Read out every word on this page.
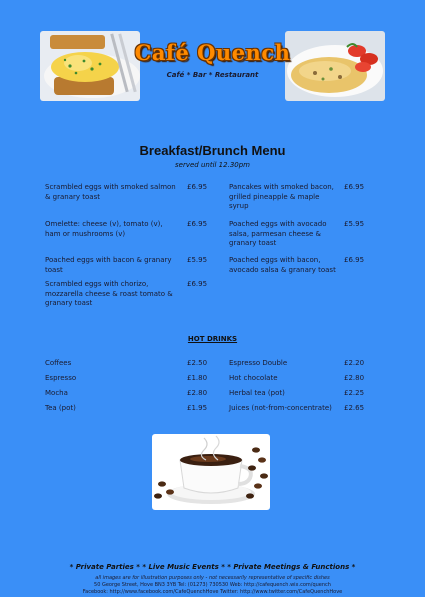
Café Quench
Café * Bar * Restaurant
Breakfast/Brunch Menu
served until 12.30pm
Scrambled eggs with smoked salmon & granary toast
£6.95
Omelette: cheese (v), tomato (v), ham or mushrooms (v)
£6.95
Poached eggs with bacon & granary toast
£5.95
Scrambled eggs with chorizo, mozzarella cheese & roast tomato & granary toast
£6.95
Pancakes with smoked bacon, grilled pineapple & maple syrup
£6.95
Poached eggs with avocado salsa, parmesan cheese & granary toast
£5.95
Poached eggs with bacon, avocado salsa & granary toast
£6.95
HOT DRINKS
Coffees	£2.50
Espresso	£1.80
Mocha	£2.80
Tea (pot)	£1.95
Espresso Double	£2.20
Hot chocolate	£2.80
Herbal tea (pot)	£2.25
Juices (not-from-concentrate)	£2.65
* Private Parties * * Live Music Events * * Private Meetings & Functions *
all images are for illustration purposes only - not necessarily representative of specific dishes
50 George Street, Hove BN3 3YB Tel: (01273) 730530 Web: http://cafequench.wix.com/quench
Facebook: http://www.facebook.com/CafeQuenchHove Twitter: http://www.twitter.com/CafeQuenchHove
